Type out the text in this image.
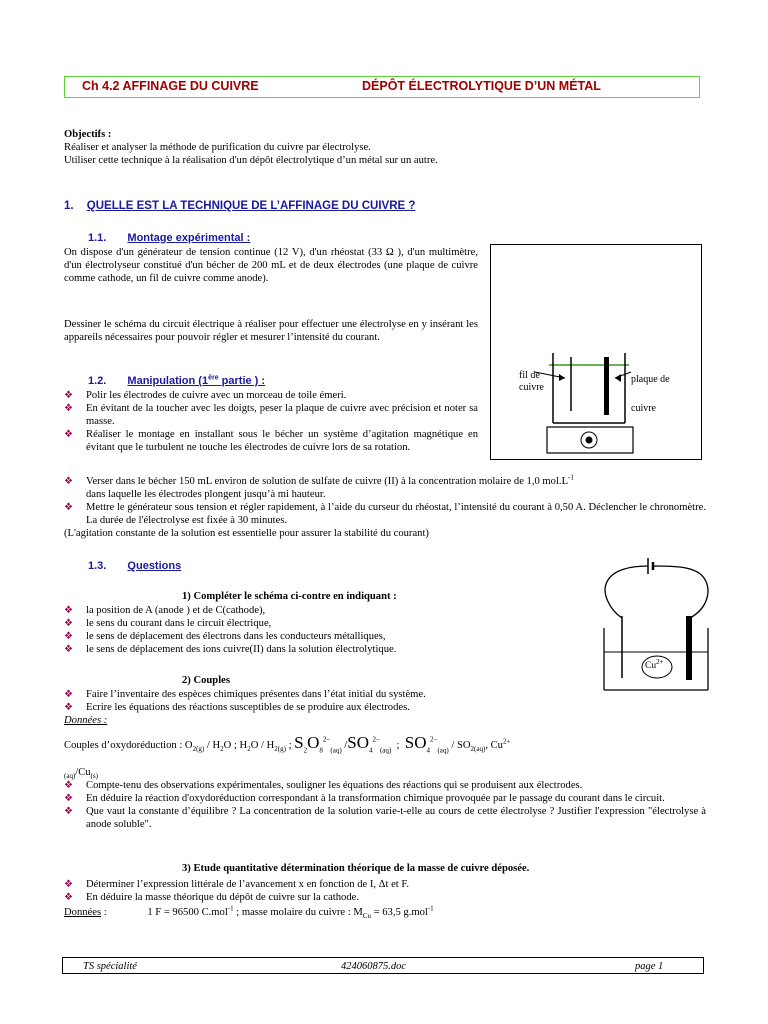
Ch 4.2 AFFINAGE DU CUIVRE	DÉPÔT ÉLECTROLYTIQUE D’UN MÉTAL
Objectifs :
Réaliser et analyser la méthode de purification du cuivre par électrolyse.
Utiliser cette technique à la réalisation d'un dépôt électrolytique d’un métal sur un autre.
1. QUELLE EST LA TECHNIQUE DE L’AFFINAGE DU CUIVRE ?
1.1. Montage expérimental :
On dispose d'un générateur de tension continue (12 V), d'un rhéostat (33 Ω ), d'un multimètre, d'un électrolyseur constitué d'un bécher de 200 mL et de deux électrodes (une plaque de cuivre comme cathode, un fil de cuivre comme anode).
Dessiner le schéma du circuit électrique à réaliser pour effectuer une électrolyse en y insérant les appareils nécessaires pour pouvoir régler et mesurer l’intensité du courant.
fil de
cuivre
plaque de
cuivre
1.2. Manipulation (1ère partie ) :
❖ Polir les électrodes de cuivre avec un morceau de toile émeri.
❖ En évitant de la toucher avec les doigts, peser la plaque de cuivre avec précision et noter sa masse.
❖ Réaliser le montage en installant sous le bécher un système d’agitation magnétique en évitant que le turbulent ne touche les électrodes de cuivre lors de sa rotation.
❖ Verser dans le bécher 150 mL environ de solution de sulfate de cuivre (II) à la concentration molaire de 1,0 $mol.L^{-1}$
dans laquelle les électrodes plongent jusqu’à mi hauteur.
❖ Mettre le générateur sous tension et régler rapidement, à l’aide du curseur du rhéostat, l’intensité du courant à 0,50 A. Déclencher le chronomètre. La durée de l'électrolyse est fixée à 30 minutes.
(L'agitation constante de la solution est essentielle pour assurer la stabilité du courant)
1.3. Questions
1) Compléter le schéma ci-contre en indiquant :
❖ la position de A (anode ) et de C(cathode),
❖ le sens du courant dans le circuit électrique,
❖ le sens de déplacement des électrons dans les conducteurs métalliques,
❖ le sens de déplacement des ions cuivre(II) dans la solution électrolytique.
$Cu^{2+}$
2) Couples
❖ Faire l’inventaire des espèces chimiques présentes dans l’état initial du système.
❖ Ecrire les équations des réactions susceptibles de se produire aux électrodes.
Données :
Couples d’oxydoréduction : $O_{2(g)} / H_2O$ ; $H_2O / H_{2(g)}$ ; $S_2O_8^{2-}_{(aq)}$ $/SO_4^{2-}_{(aq)}$  ;  $SO_4^{2-}_{(aq)} / SO_{2(aq)}$, $Cu^{2+}$
$_{(aq)}/Cu_{(s)}$
❖ Compte-tenu des observations expérimentales, souligner les équations des réactions qui se produisent aux électrodes.
❖ En déduire la réaction d'oxydoréduction correspondant à la transformation chimique provoquée par le passage du courant dans le circuit.
❖ Que vaut la constante d’équilibre ? La concentration de la solution varie-t-elle au cours de cette électrolyse ? Justifier l'expression "électrolyse à anode soluble".
3) Etude quantitative détermination théorique de la masse de cuivre déposée.
❖ Déterminer l’expression littérale de l’avancement x en fonction de I, Δt et F.
❖ En déduire la masse théorique du dépôt de cuivre sur la cathode.
Données :	1 F = 96500 C.mol$^{-1}$ ; masse molaire du cuivre : $M_{Cu} = 63,5$ g.mol$^{-1}$
TS spécialité	424060875.doc	page 1
